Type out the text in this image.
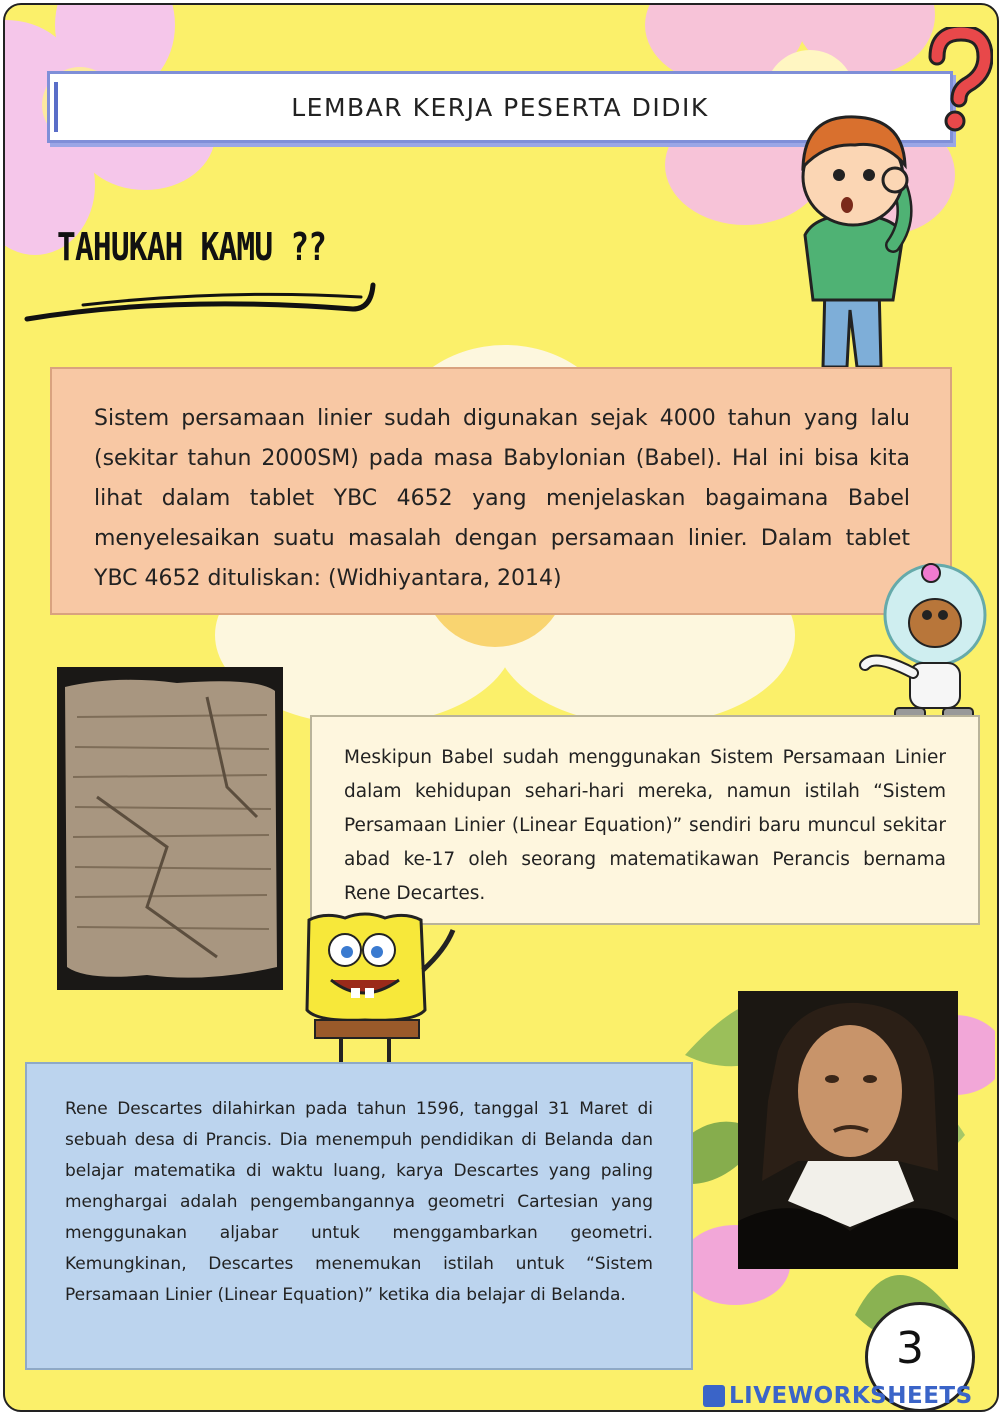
LEMBAR KERJA PESERTA DIDIK
TAHUKAH KAMU ??

Sistem persamaan linier sudah digunakan sejak 4000 tahun yang lalu (sekitar tahun 2000SM) pada masa Babylonian (Babel). Hal ini bisa kita lihat dalam tablet YBC 4652 yang menjelaskan bagaimana Babel menyelesaikan suatu masalah dengan persamaan linier. Dalam tablet YBC 4652 dituliskan: (Widhiyantara, 2014)

Meskipun Babel sudah menggunakan Sistem Persamaan Linier dalam kehidupan sehari-hari mereka, namun istilah “Sistem Persamaan Linier (Linear Equation)” sendiri baru muncul sekitar abad ke-17 oleh seorang matematikawan Perancis bernama Rene Decartes.

Rene Descartes dilahirkan pada tahun 1596, tanggal 31 Maret di sebuah desa di Prancis. Dia menempuh pendidikan di Belanda dan belajar matematika di waktu luang, karya Descartes yang paling menghargai adalah pengembangannya geometri Cartesian yang menggunakan aljabar untuk menggambarkan geometri. Kemungkinan, Descartes menemukan istilah untuk “Sistem Persamaan Linier (Linear Equation)” ketika dia belajar di Belanda.

3
LIVEWORKSHEETS
